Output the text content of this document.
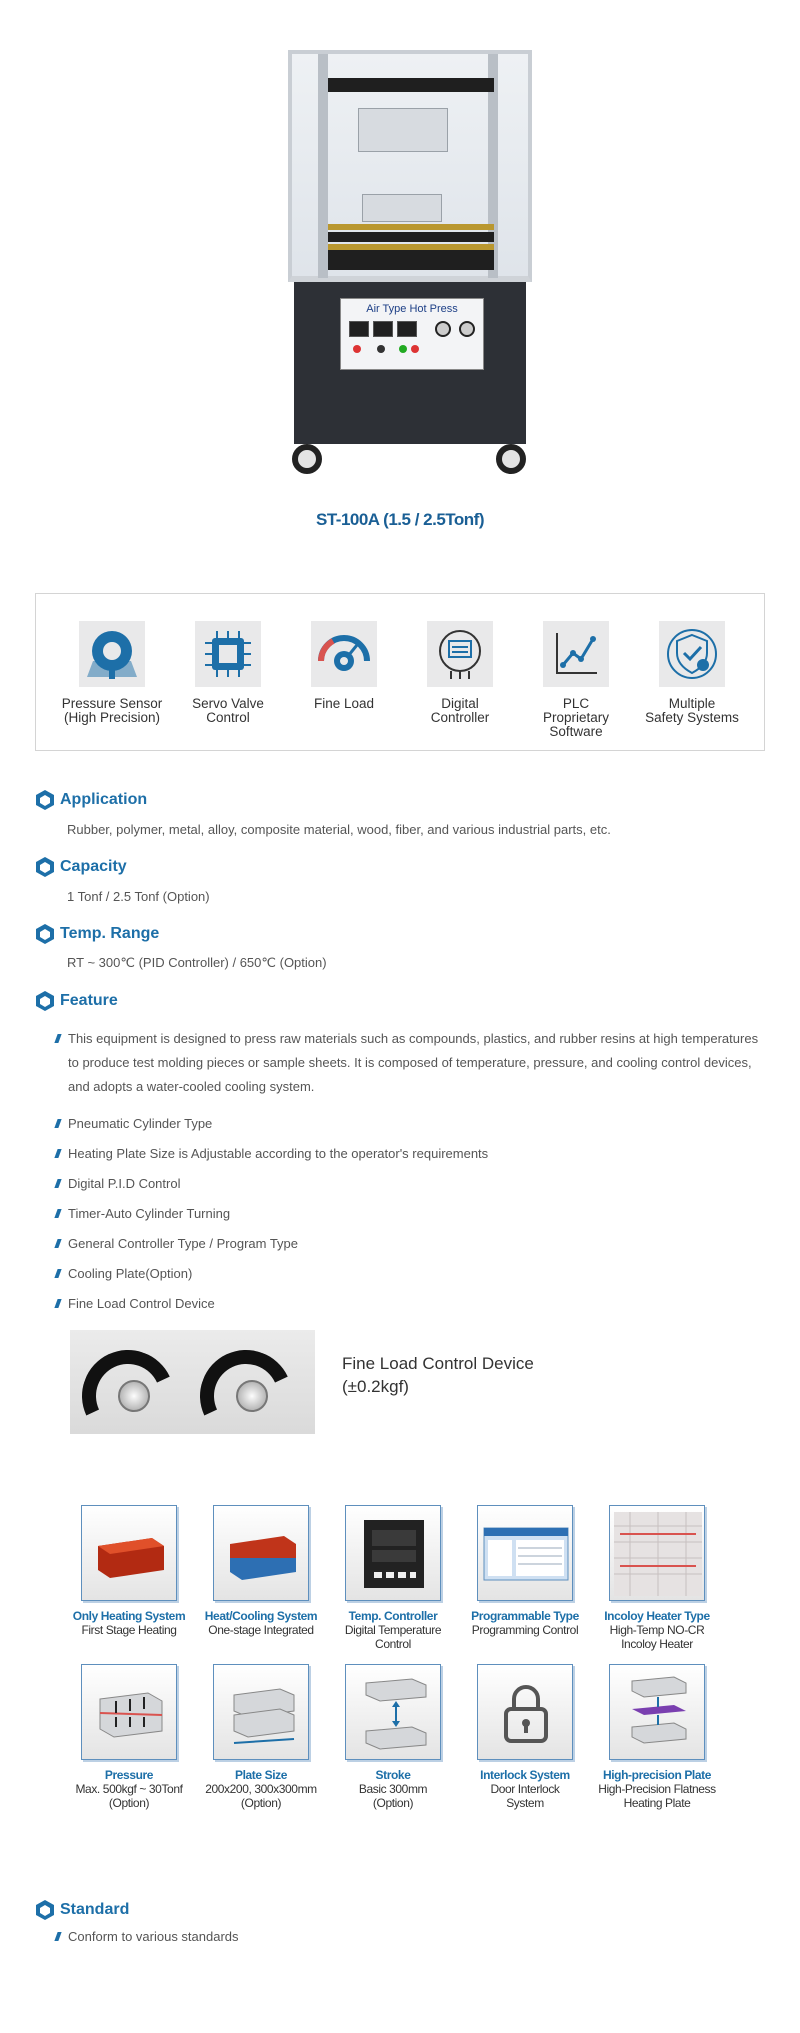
Air Type Hot Press
ST-100A (1.5 / 2.5Tonf)
Pressure Sensor
(High Precision)
Servo Valve
Control
Fine Load	Digital
Controller
PLC
Proprietary Software
Multiple
Safety Systems
Application
Rubber, polymer, metal, alloy, composite material, wood, fiber, and various industrial parts, etc.
Capacity
1 Tonf / 2.5 Tonf (Option)
Temp. Range
RT ~ 300℃ (PID Controller) / 650℃ (Option)
Feature
This equipment is designed to press raw materials such as compounds, plastics, and rubber resins at high temperatures to produce test molding pieces or sample sheets. It is composed of temperature, pressure, and cooling control devices, and adopts a water-cooled cooling system.
Pneumatic Cylinder Type
Heating Plate Size is Adjustable according to the operator's requirements
Digital P.I.D Control
Timer-Auto Cylinder Turning
General Controller Type / Program Type
Cooling Plate(Option)
Fine Load Control Device
Fine Load Control Device
(±0.2kgf)
Only Heating System
First Stage Heating
Heat/Cooling System
One-stage Integrated
Temp. Controller
Digital Temperature Control
Programmable Type
Programming Control
Incoloy Heater Type
High-Temp NO-CR Incoloy Heater
Pressure
Max. 500kgf ~ 30Tonf
(Option)
Plate Size
200x200, 300x300mm
(Option)
Stroke
Basic 300mm
(Option)
Interlock System
Door Interlock
System
High-precision Plate
High-Precision Flatness
Heating Plate
Standard
Conform to various standards
